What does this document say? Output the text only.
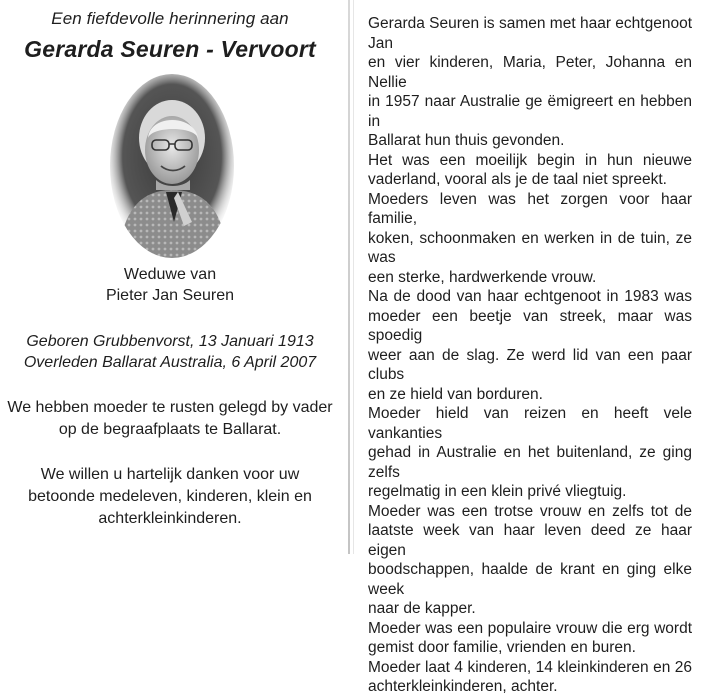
Een fiefdevolle herinnering aan
Gerarda Seuren - Vervoort
Weduwe van
Pieter Jan Seuren
Geboren Grubbenvorst, 13 Januari 1913
Overleden Ballarat Australia, 6 April 2007
We hebben moeder te rusten gelegd by vader
op de begraafplaats te Ballarat.
We willen u hartelijk danken voor uw
betoonde medeleven, kinderen, klein en
achterkleinkinderen.

Gerarda Seuren is samen met haar echtgenoot Jan
en vier kinderen, Maria, Peter, Johanna en Nellie
in 1957 naar Australie ge ëmigreert en hebben in
Ballarat hun thuis gevonden.

Het was een moeilijk begin in hun nieuwe
vaderland, vooral als je de taal niet spreekt.

Moeders leven was het zorgen voor haar familie,
koken, schoonmaken en werken in de tuin, ze was
een sterke, hardwerkende vrouw.

Na de dood van haar echtgenoot in 1983 was
moeder een beetje van streek, maar was spoedig
weer aan de slag. Ze werd lid van een paar clubs
en ze hield van borduren.

Moeder hield van reizen en heeft vele vankanties
gehad in Australie en het buitenland, ze ging zelfs
regelmatig in een klein privé vliegtuig.

Moeder was een trotse vrouw en zelfs tot de
laatste week van haar leven deed ze haar eigen
boodschappen, haalde de krant en ging elke week
naar de kapper.

Moeder was een populaire vrouw die erg wordt
gemist door familie, vrienden en buren.

Moeder laat 4 kinderen, 14 kleinkinderen en 26
achterkleinkinderen, achter.
